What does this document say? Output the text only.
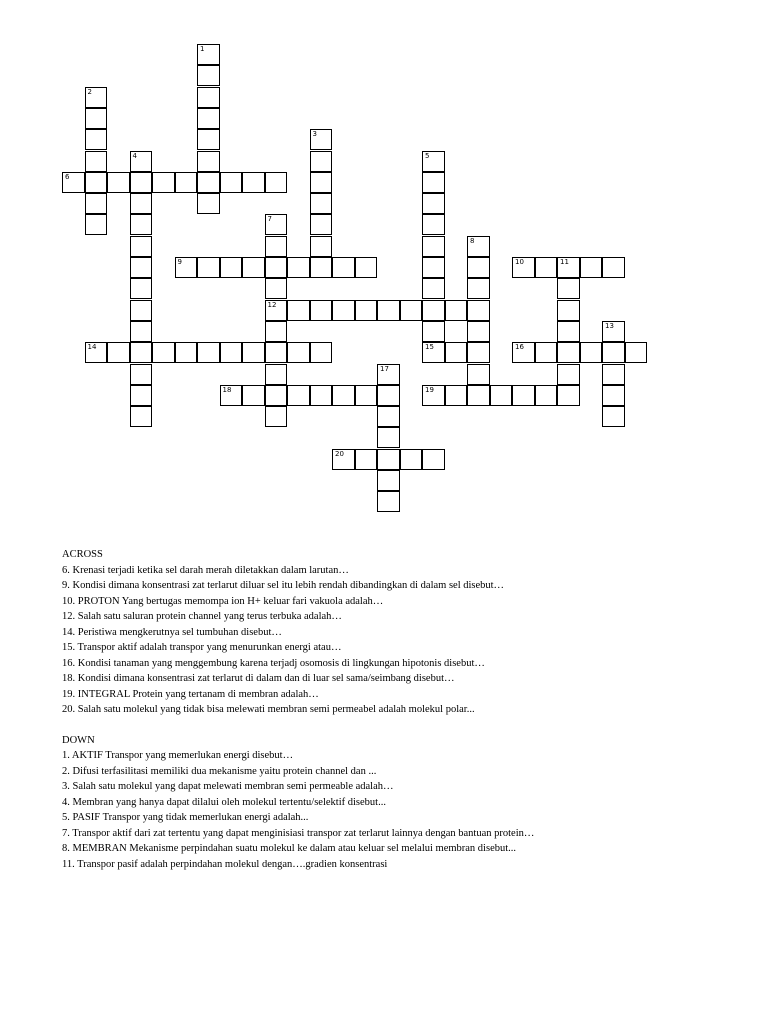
1
2
3
4	5
6
7
12
8
9	10	11
13
14	15	16
17
18	19
20
ACROSS
6. Krenasi terjadi ketika sel darah merah diletakkan dalam larutan…
9. Kondisi dimana konsentrasi zat terlarut diluar sel itu lebih rendah dibandingkan di dalam sel disebut…
10. PROTON Yang bertugas memompa ion H+ keluar fari vakuola adalah…
12. Salah satu saluran protein channel yang terus terbuka adalah…
14. Peristiwa mengkerutnya sel tumbuhan disebut…
15. Transpor aktif adalah transpor yang menurunkan energi atau…
16. Kondisi tanaman yang menggembung karena terjadj osomosis di lingkungan hipotonis disebut…
18. Kondisi dimana konsentrasi zat terlarut di dalam dan di luar sel sama/seimbang disebut…
19. INTEGRAL Protein yang tertanam di membran adalah…
20. Salah satu molekul yang tidak bisa melewati membran semi permeabel adalah molekul polar...
DOWN
1. AKTIF Transpor yang memerlukan energi disebut…
2. Difusi terfasilitasi memiliki dua mekanisme yaitu protein channel dan ...
3. Salah satu molekul yang dapat melewati membran semi permeable adalah…
4. Membran yang hanya dapat dilalui oleh molekul tertentu/selektif disebut...
5. PASIF Transpor yang tidak memerlukan energi adalah...
7. Transpor aktif dari zat tertentu yang dapat menginisiasi transpor zat terlarut lainnya dengan bantuan protein…
8. MEMBRAN Mekanisme perpindahan suatu molekul ke dalam atau keluar sel melalui membran disebut...
11. Transpor pasif adalah perpindahan molekul dengan….gradien konsentrasi
